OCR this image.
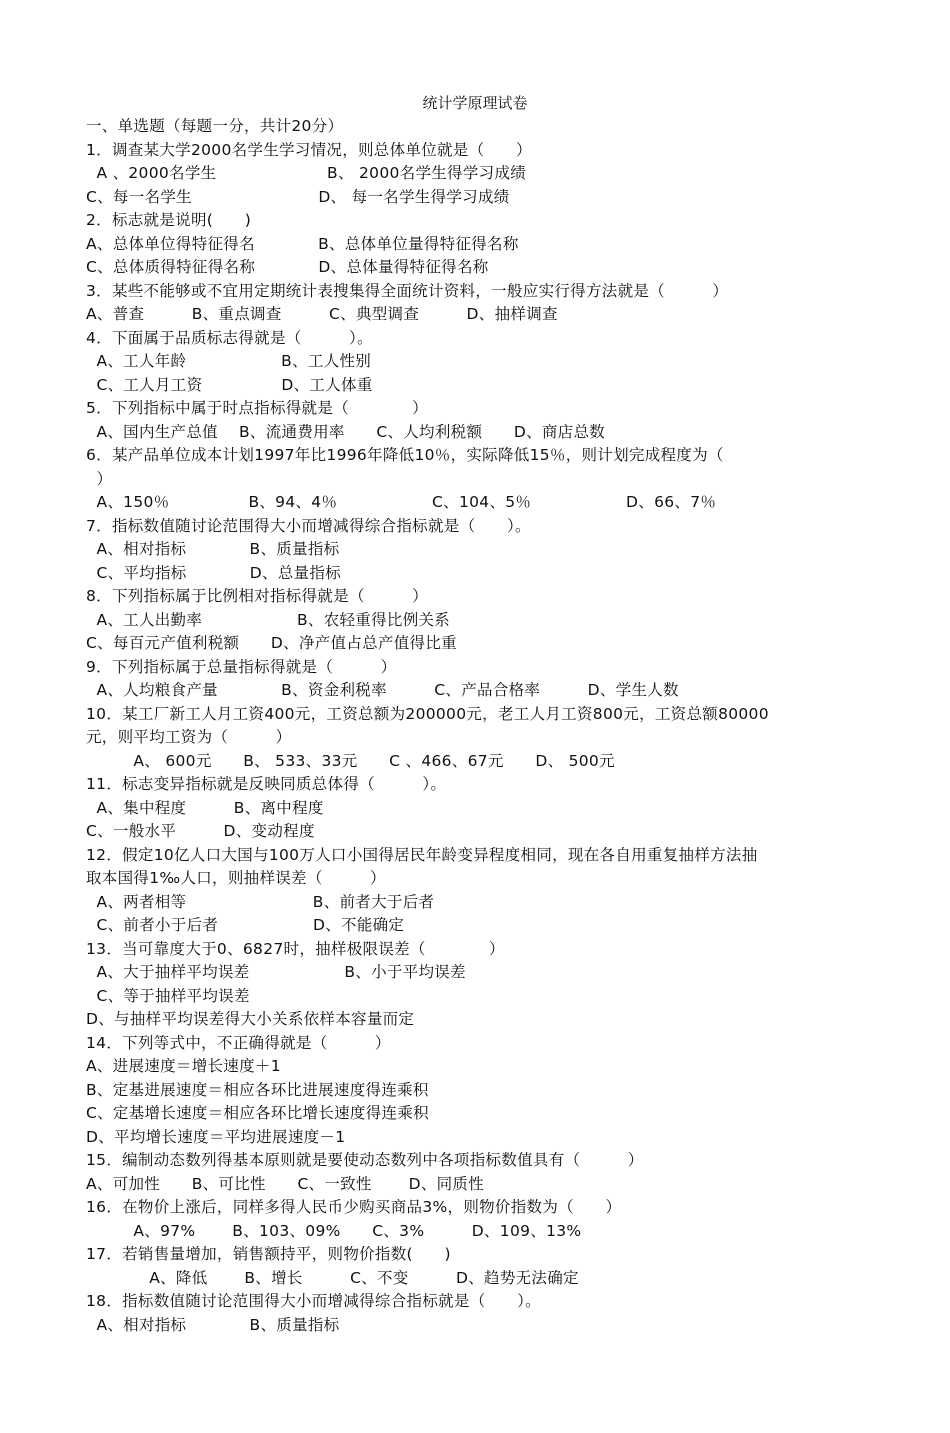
统计学原理试卷
一、单选题（每题一分，共计20分）
1．调查某大学2000名学生学习情况，则总体单位就是（　　）
A 、2000名学生　　　　　　　B、 2000名学生得学习成绩
C、每一名学生　　　　　　　　D、 每一名学生得学习成绩
2．标志就是说明(　　)
A、总体单位得特征得名　　　　B、总体单位量得特征得名称
C、总体质得特征得名称　　　　D、总体量得特征得名称
3．某些不能够或不宜用定期统计表搜集得全面统计资料，一般应实行得方法就是（　　　）
A、普查　　　B、重点调查　　　C、典型调查　　　D、抽样调查
4．下面属于品质标志得就是（　　　）。
A、工人年龄　　　　　　B、工人性别
C、工人月工资　　　　　D、工人体重
5．下列指标中属于时点指标得就是（　　　　）
A、国内生产总值　 B、流通费用率　　C、人均利税额　　D、商店总数
6．某产品单位成本计划1997年比1996年降低10％，实际降低15％，则计划完成程度为（
）
A、150％　　　　　B、94、4％　　　　　　C、104、5％　　　　　　D、66、7％
7．指标数值随讨论范围得大小而增减得综合指标就是（　　）。
A、相对指标　　　　B、质量指标
C、平均指标　　　　D、总量指标
8．下列指标属于比例相对指标得就是（　　　）
A、工人出勤率　　　　　　B、农轻重得比例关系
C、每百元产值利税额　　D、净产值占总产值得比重
9．下列指标属于总量指标得就是（　　　）
A、人均粮食产量　　　　B、资金利税率　　　C、产品合格率　　　D、学生人数
10．某工厂新工人月工资400元，工资总额为200000元，老工人月工资800元，工资总额80000
元，则平均工资为（　　　）
　　　A、 600元　　B、 533、33元　　C 、466、67元　　D、 500元
11．标志变异指标就是反映同质总体得（　　　）。
A、集中程度　　　B、离中程度
C、一般水平　　　D、变动程度
12．假定10亿人口大国与100万人口小国得居民年龄变异程度相同，现在各自用重复抽样方法抽
取本国得1‰人口，则抽样误差（　　　）
A、两者相等　　　　　　　　B、前者大于后者
C、前者小于后者　　　　　　D、不能确定
13．当可靠度大于0、6827时，抽样极限误差（　　　　）
A、大于抽样平均误差　　　　　　B、小于平均误差
C、等于抽样平均误差
D、与抽样平均误差得大小关系依样本容量而定
14．下列等式中，不正确得就是（　　　）
A、进展速度＝增长速度＋1
B、定基进展速度＝相应各环比进展速度得连乘积
C、定基增长速度＝相应各环比增长速度得连乘积
D、平均增长速度＝平均进展速度－1
15．编制动态数列得基本原则就是要使动态数列中各项指标数值具有（　　　）
A、可加性　　B、可比性　　C、一致性　　 D、同质性
16．在物价上涨后，同样多得人民币少购买商品3%，则物价指数为（　　）
　　　A、97%　　 B、103、09%　　C、3%　　　D、109、13%
17．若销售量增加，销售额持平，则物价指数(　　)
　　　　A、降低　　 B、增长　　　C、不变　　　D、趋势无法确定
18．指标数值随讨论范围得大小而增减得综合指标就是（　　）。
A、相对指标　　　　B、质量指标
